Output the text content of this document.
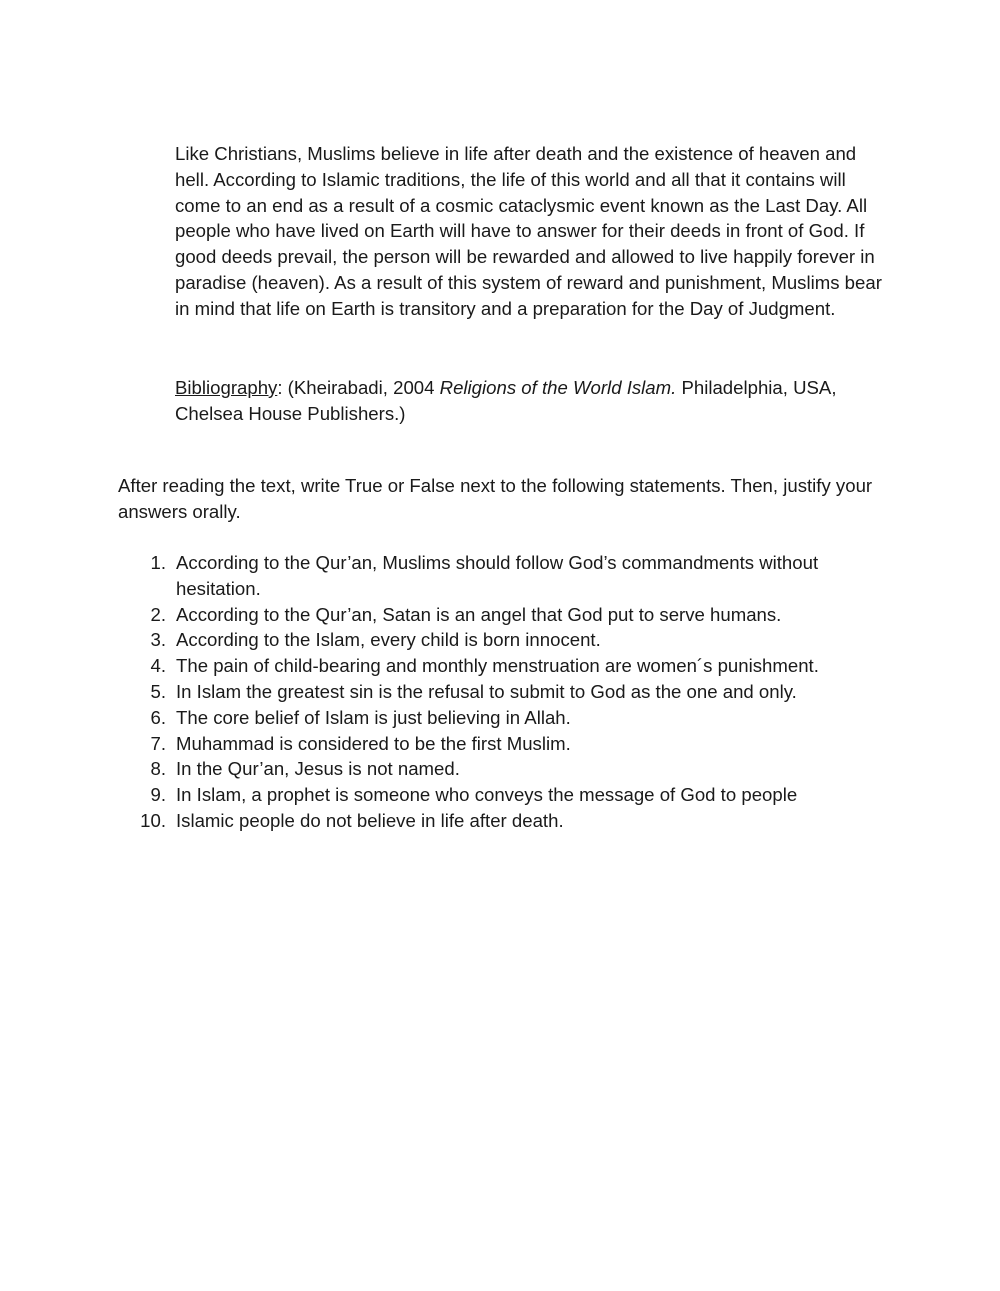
Like Christians, Muslims believe in life after death and the existence of heaven and hell. According to Islamic traditions, the life of this world and all that it contains will come to an end as a result of a cosmic cataclysmic event known as the Last Day. All people who have lived on Earth will have to answer for their deeds in front of God. If good deeds prevail, the person will be rewarded and allowed to live happily forever in paradise (heaven). As a result of this system of reward and punishment, Muslims bear in mind that life on Earth is transitory and a preparation for the Day of Judgment.

Bibliography: (Kheirabadi, 2004 Religions of the World Islam. Philadelphia, USA, Chelsea House Publishers.)
After reading the text, write True or False next to the following statements. Then, justify your answers orally.
1. According to the Qur’an, Muslims should follow God’s commandments without hesitation.
2. According to the Qur’an, Satan is an angel that God put to serve humans.
3. According to the Islam, every child is born innocent.
4. The pain of child-bearing and monthly menstruation are women´s punishment.
5. In Islam the greatest sin is the refusal to submit to God as the one and only.
6. The core belief of Islam is just believing in Allah.
7. Muhammad is considered to be the first Muslim.
8. In the Qur’an, Jesus is not named.
9. In Islam, a prophet is someone who conveys the message of God to people
10. Islamic people do not believe in life after death.
